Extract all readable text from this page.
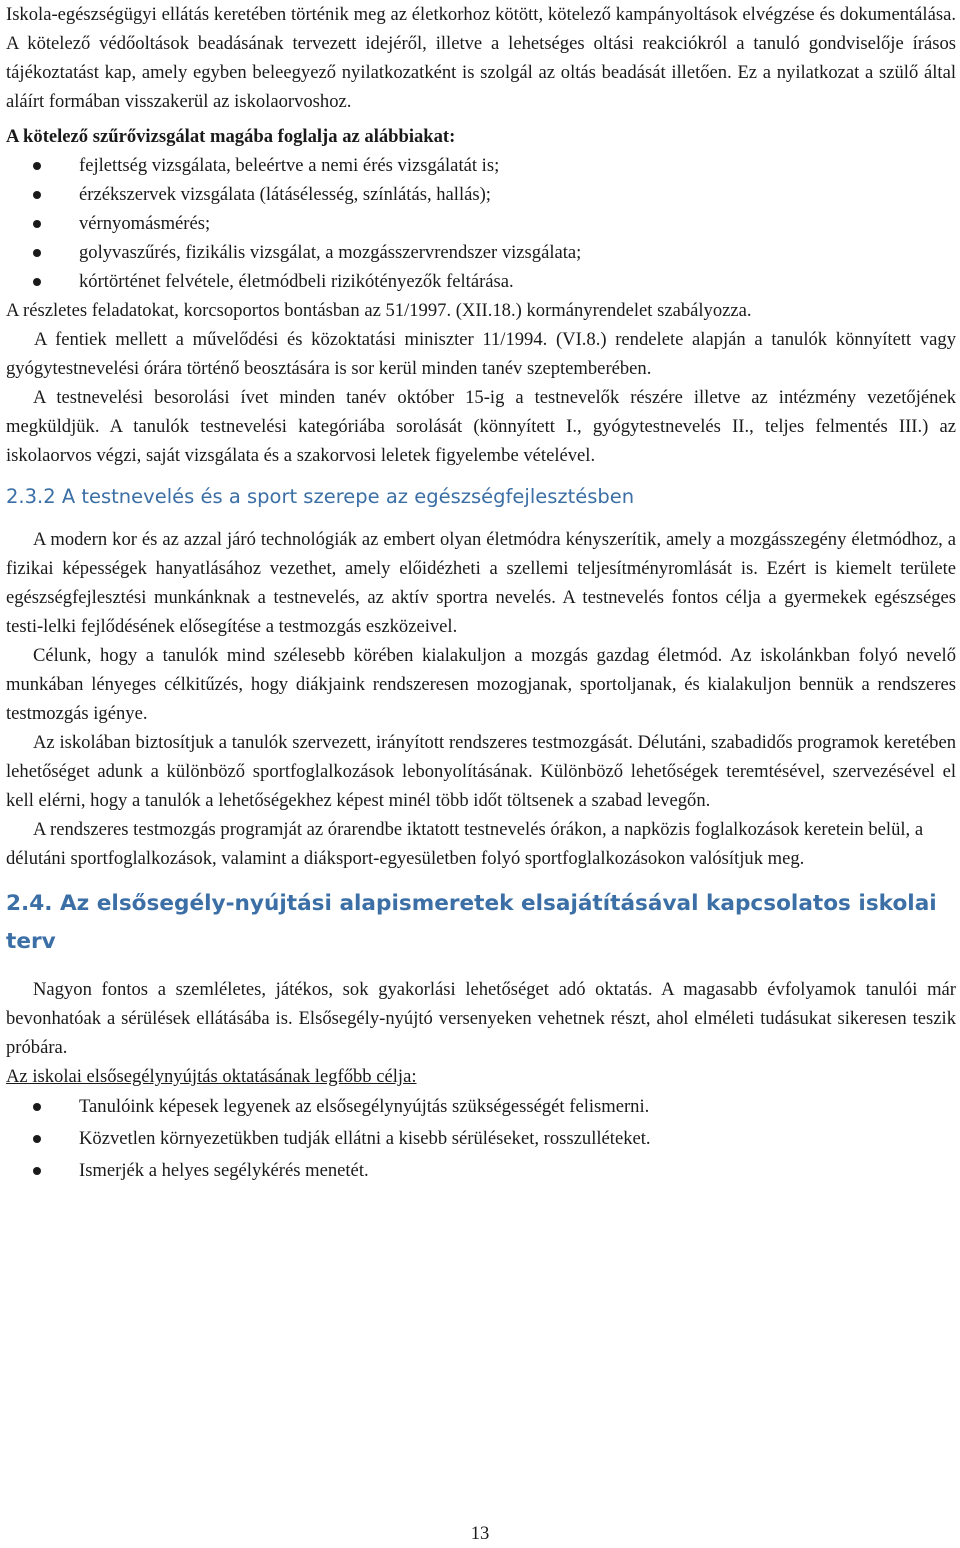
Iskola-egészségügyi ellátás keretében történik meg az életkorhoz kötött, kötelező kampányoltások elvégzése és dokumentálása. A kötelező védőoltások beadásának tervezett idejéről, illetve a lehetséges oltási reakciókról a tanuló gondviselője írásos tájékoztatást kap, amely egyben beleegyező nyilatkozatként is szolgál az oltás beadását illetően. Ez a nyilatkozat a szülő által aláírt formában visszakerül az iskolaorvoshoz.

A kötelező szűrővizsgálat magába foglalja az alábbiakat:

fejlettség vizsgálata, beleértve a nemi érés vizsgálatát is;
érzékszervek vizsgálata (látásélesség, színlátás, hallás);
vérnyomásmérés;
golyvaszűrés, fizikális vizsgálat, a mozgásszervrendszer vizsgálata;
kórtörténet felvétele, életmódbeli rizikótényezők feltárása.

A részletes feladatokat, korcsoportos bontásban az 51/1997. (XII.18.) kormányrendelet szabályozza.

A fentiek mellett a művelődési és közoktatási miniszter 11/1994. (VI.8.) rendelete alapján a tanulók könnyített vagy gyógytestnevelési órára történő beosztására is sor kerül minden tanév szeptemberében.

A testnevelési besorolási ívet minden tanév október 15-ig a testnevelők részére illetve az intézmény vezetőjének megküldjük. A tanulók testnevelési kategóriába sorolását (könnyített I., gyógytestnevelés II., teljes felmentés III.) az iskolaorvos végzi, saját vizsgálata és a szakorvosi leletek figyelembe vételével.

2.3.2 A testnevelés és a sport szerepe az egészségfejlesztésben

A modern kor és az azzal járó technológiák az embert olyan életmódra kényszerítik, amely a mozgásszegény életmódhoz, a fizikai képességek hanyatlásához vezethet, amely előidézheti a szellemi teljesítményromlását is. Ezért is kiemelt területe egészségfejlesztési munkánknak a testnevelés, az aktív sportra nevelés. A testnevelés fontos célja a gyermekek egészséges testi-lelki fejlődésének elősegítése a testmozgás eszközeivel.

Célunk, hogy a tanulók mind szélesebb körében kialakuljon a mozgás gazdag életmód. Az iskolánkban folyó nevelő munkában lényeges célkitűzés, hogy diákjaink rendszeresen mozogjanak, sportoljanak, és kialakuljon bennük a rendszeres testmozgás igénye.

Az iskolában biztosítjuk a tanulók szervezett, irányított rendszeres testmozgását. Délutáni, szabadidős programok keretében lehetőséget adunk a különböző sportfoglalkozások lebonyolításának. Különböző lehetőségek teremtésével, szervezésével el kell elérni, hogy a tanulók a lehetőségekhez képest minél több időt töltsenek a szabad levegőn.

A rendszeres testmozgás programját az órarendbe iktatott testnevelés órákon, a napközis foglalkozások keretein belül, a délutáni sportfoglalkozások, valamint a diáksport-egyesületben folyó sportfoglalkozásokon valósítjuk meg.

2.4. Az elsősegély-nyújtási alapismeretek elsajátításával kapcsolatos iskolai terv

Nagyon fontos a szemléletes, játékos, sok gyakorlási lehetőséget adó oktatás. A magasabb évfolyamok tanulói már bevonhatóak a sérülések ellátásába is. Elsősegély-nyújtó versenyeken vehetnek részt, ahol elméleti tudásukat sikeresen teszik próbára.

Az iskolai elsősegélynyújtás oktatásának legfőbb célja:

Tanulóink képesek legyenek az elsősegélynyújtás szükségességét felismerni.
Közvetlen környezetükben tudják ellátni a kisebb sérüléseket, rosszulléteket.
Ismerjék a helyes segélykérés menetét.
13
